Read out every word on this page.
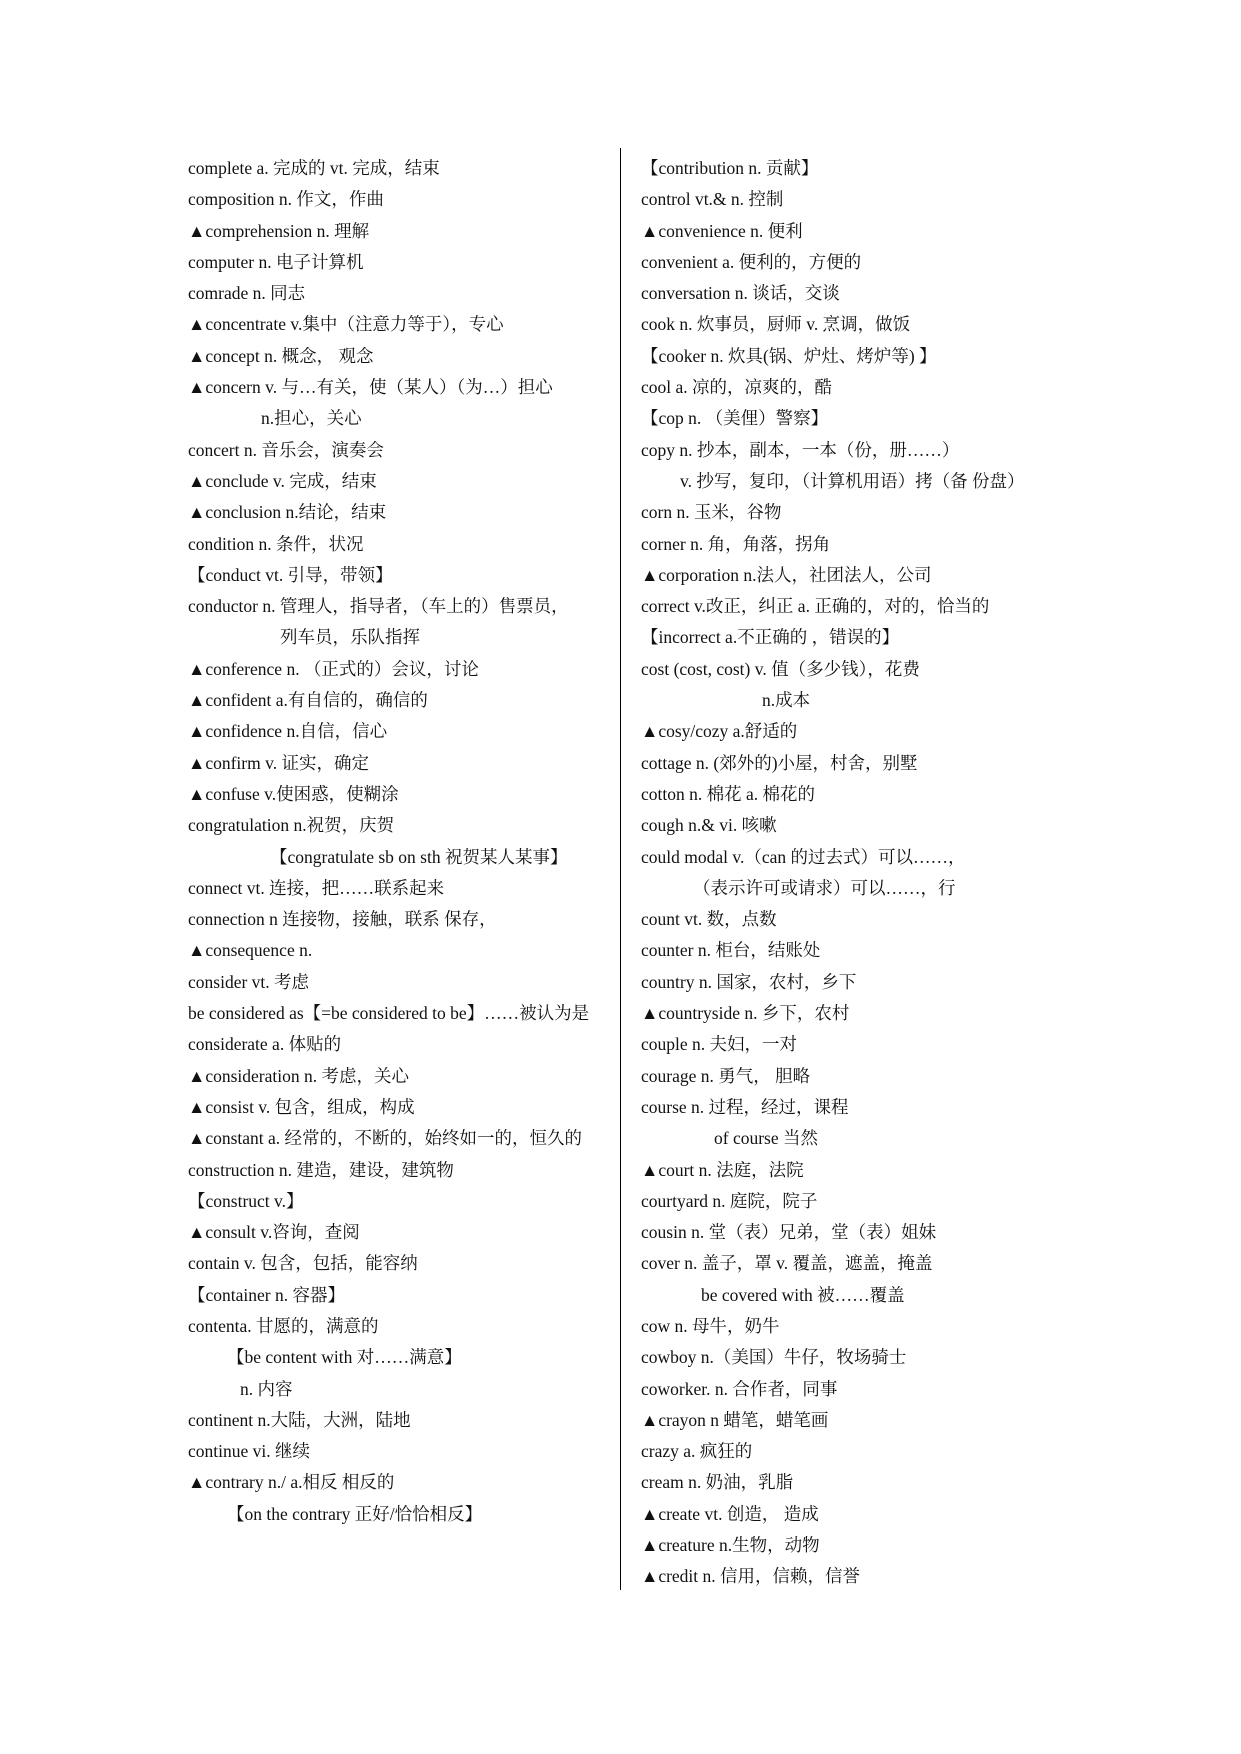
complete a. 完成的 vt. 完成，结束
composition n. 作文，作曲
▲comprehension n. 理解
computer n. 电子计算机
comrade n. 同志
▲concentrate v.集中（注意力等于），专心
▲concept n. 概念， 观念
▲concern v. 与…有关，使（某人）（为…）担心
n.担心，关心
concert n. 音乐会，演奏会
▲conclude v. 完成，结束
▲conclusion n.结论，结束
condition n. 条件，状况
【conduct vt. 引导，带领】
conductor n. 管理人，指导者，（车上的）售票员，
列车员，乐队指挥
▲conference n. （正式的）会议，讨论
▲confident a.有自信的，确信的
▲confidence n.自信，信心
▲confirm v. 证实，确定
▲confuse v.使困惑，使糊涂
congratulation n.祝贺，庆贺
【congratulate sb on sth 祝贺某人某事】
connect vt. 连接，把……联系起来
connection n 连接物，接触，联系 保存，
▲consequence n.
consider vt. 考虑
be considered as【=be considered to be】……被认为是
considerate a. 体贴的
▲consideration n. 考虑，关心
▲consist v. 包含，组成，构成
▲constant a. 经常的，不断的，始终如一的，恒久的
construction n. 建造，建设，建筑物
【construct v.】
▲consult v.咨询，查阅
contain v. 包含，包括，能容纳
【container n. 容器】
contenta. 甘愿的，满意的
【be content with 对……满意】
n. 内容
continent n.大陆，大洲，陆地
continue vi. 继续
▲contrary n./ a.相反 相反的
【on the contrary 正好/恰恰相反】
【contribution n. 贡献】
control vt.& n. 控制
▲convenience n. 便利
convenient a. 便利的，方便的
conversation n. 谈话，交谈
cook n. 炊事员，厨师 v. 烹调，做饭
【cooker n. 炊具(锅、炉灶、烤炉等) 】
cool a. 凉的，凉爽的，酷
【cop n. （美俚）警察】
copy n. 抄本，副本，一本（份，册……）
v. 抄写，复印，（计算机用语）拷（备 份盘）
corn n. 玉米，谷物
corner n. 角，角落，拐角
▲corporation n.法人，社团法人，公司
correct v.改正，纠正 a. 正确的，对的，恰当的
【incorrect a.不正确的 ，错误的】
cost (cost, cost) v. 值（多少钱），花费
n.成本
▲cosy/cozy a.舒适的
cottage n. (郊外的)小屋，村舍，别墅
cotton n. 棉花 a. 棉花的
cough n.& vi. 咳嗽
could modal v.（can 的过去式）可以……，
（表示许可或请求）可以……，行
count vt. 数，点数
counter n. 柜台，结账处
country n. 国家，农村，乡下
▲countryside n. 乡下，农村
couple n. 夫妇，一对
courage n. 勇气， 胆略
course n. 过程，经过，课程
of course 当然
▲court n. 法庭，法院
courtyard n. 庭院，院子
cousin n. 堂（表）兄弟，堂（表）姐妹
cover n. 盖子，罩 v. 覆盖，遮盖，掩盖
be covered with 被……覆盖
cow n. 母牛，奶牛
cowboy n.（美国）牛仔，牧场骑士
coworker. n. 合作者，同事
▲crayon n 蜡笔，蜡笔画
crazy a. 疯狂的
cream n. 奶油，乳脂
▲create vt. 创造， 造成
▲creature n.生物，动物
▲credit n. 信用，信赖，信誉
